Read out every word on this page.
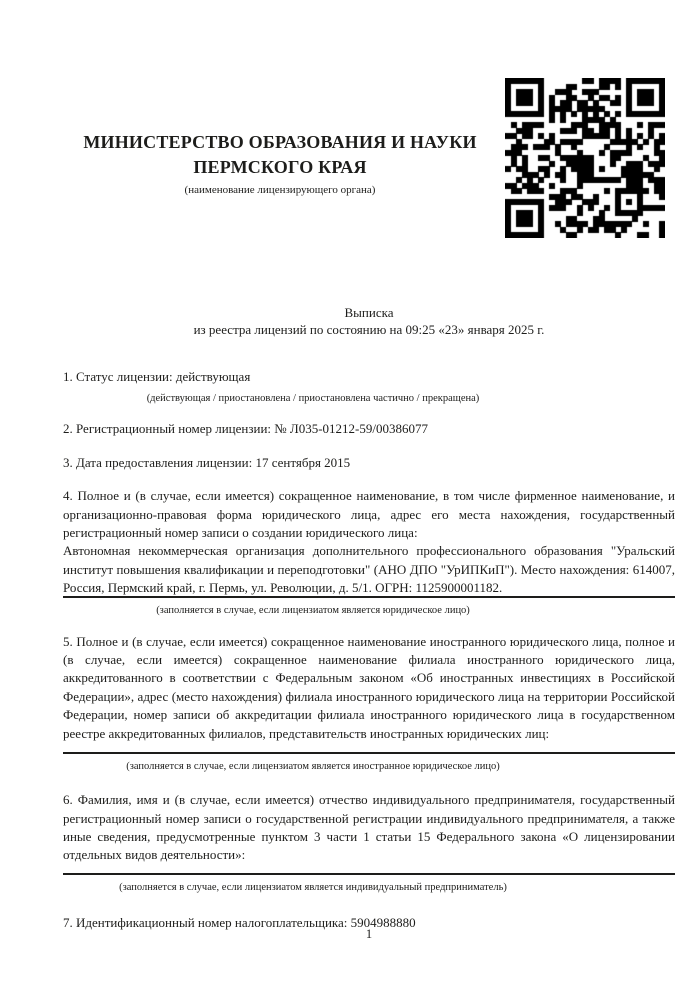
МИНИСТЕРСТВО ОБРАЗОВАНИЯ И НАУКИ
ПЕРМСКОГО КРАЯ
(наименование лицензирующего органа)
Выписка
из реестра лицензий по состоянию на 09:25 «23» января 2025 г.

1. Статус лицензии: действующая

(действующая / приостановлена / приостановлена частично / прекращена)

2. Регистрационный номер лицензии: № Л035-01212-59/00386077

3. Дата предоставления лицензии: 17 сентября 2015

4. Полное и (в случае, если имеется) сокращенное наименование, в том числе фирменное наименование, и организационно-правовая форма юридического лица, адрес его места нахождения, государственный регистрационный номер записи о создании юридического лица:
Автономная некоммерческая организация дополнительного профессионального образования "Уральский институт повышения квалификации и переподготовки" (АНО ДПО "УрИПКиП"). Место нахождения: 614007, Россия, Пермский край, г. Пермь, ул. Революции, д. 5/1. ОГРН: 1125900001182.
(заполняется в случае, если лицензиатом является юридическое лицо)
5. Полное и (в случае, если имеется) сокращенное наименование иностранного юридического лица, полное и (в случае, если имеется) сокращенное наименование филиала иностранного юридического лица, аккредитованного в соответствии с Федеральным законом «Об иностранных инвестициях в Российской Федерации», адрес (место нахождения) филиала иностранного юридического лица на территории Российской Федерации, номер записи об аккредитации филиала иностранного юридического лица в государственном реестре аккредитованных филиалов, представительств иностранных юридических лиц:
(заполняется в случае, если лицензиатом является иностранное юридическое лицо)
6. Фамилия, имя и (в случае, если имеется) отчество индивидуального предпринимателя, государственный регистрационный номер записи о государственной регистрации индивидуального предпринимателя, а также иные сведения, предусмотренные пунктом 3 части 1 статьи 15 Федерального закона «О лицензировании отдельных видов деятельности»:
(заполняется в случае, если лицензиатом является индивидуальный предприниматель)

7. Идентификационный номер налогоплательщика: 5904988880

1
